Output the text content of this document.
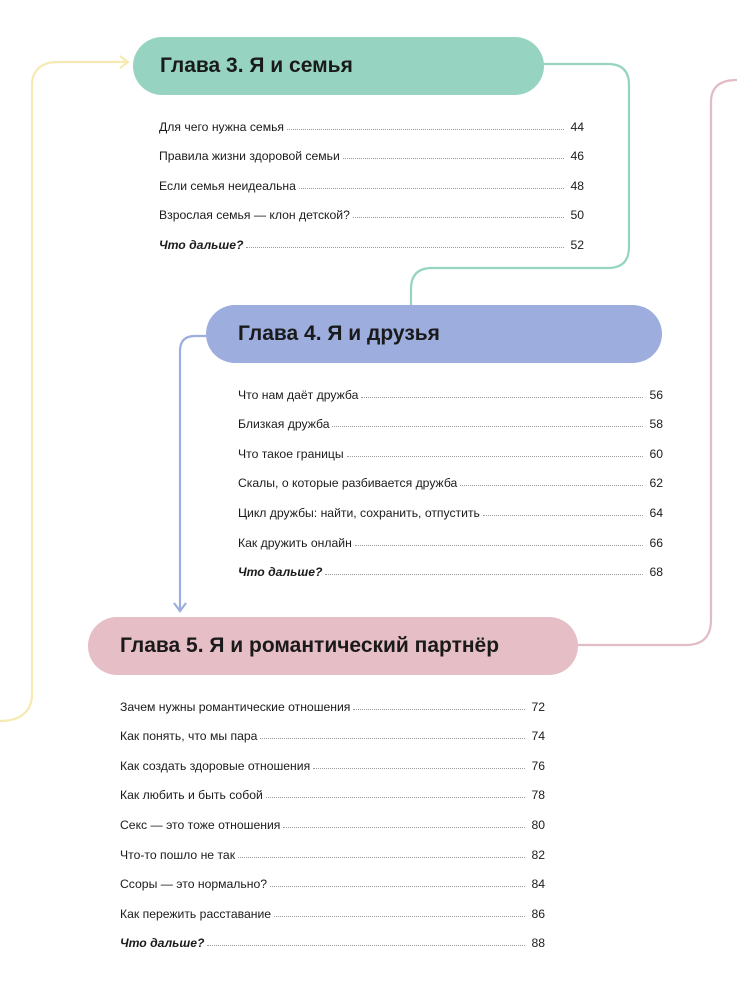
Глава 3. Я и семья
Для чего нужна семья	44
Правила жизни здоровой семьи	46
Если семья неидеальна	48
Взрослая семья — клон детской?	50
Что дальше?	52
Глава 4. Я и друзья
Что нам даёт дружба	56
Близкая дружба	58
Что такое границы	60
Скалы, о которые разбивается дружба	62
Цикл дружбы: найти, сохранить, отпустить	64
Как дружить онлайн	66
Что дальше?	68
Глава 5. Я и романтический партнёр
Зачем нужны романтические отношения	72
Как понять, что мы пара	74
Как создать здоровые отношения	76
Как любить и быть собой	78
Секс — это тоже отношения	80
Что-то пошло не так	82
Ссоры — это нормально?	84
Как пережить расставание	86
Что дальше?	88
